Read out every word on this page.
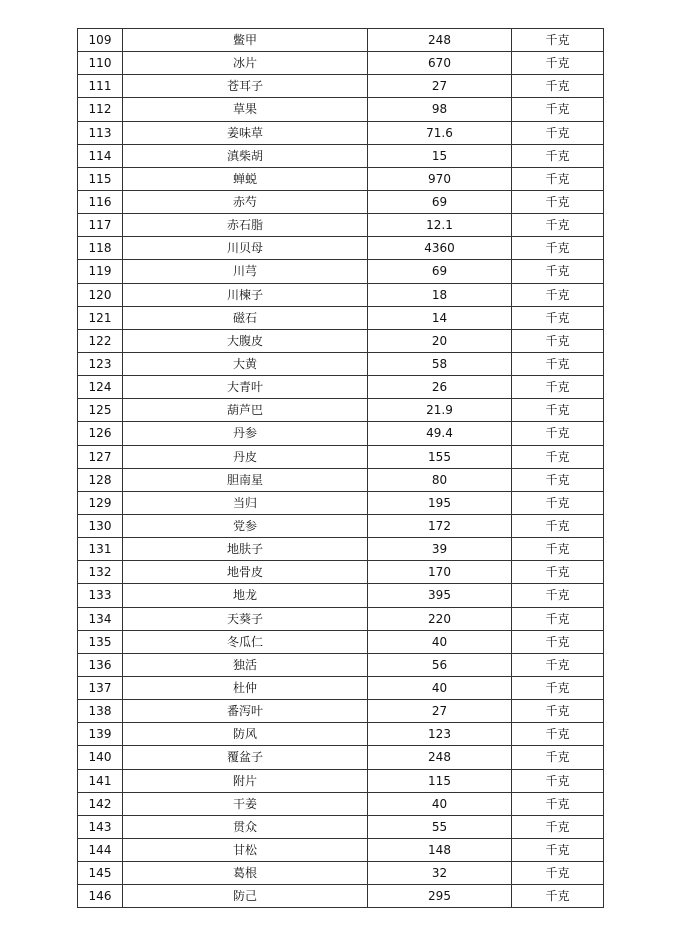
109	鳖甲	248	千克
110	冰片	670	千克
111	苍耳子	27	千克
112	草果	98	千克
113	姜味草	71.6	千克
114	滇柴胡	15	千克
115	蝉蜕	970	千克
116	赤芍	69	千克
117	赤石脂	12.1	千克
118	川贝母	4360	千克
119	川芎	69	千克
120	川楝子	18	千克
121	磁石	14	千克
122	大腹皮	20	千克
123	大黄	58	千克
124	大青叶	26	千克
125	葫芦巴	21.9	千克
126	丹参	49.4	千克
127	丹皮	155	千克
128	胆南星	80	千克
129	当归	195	千克
130	党参	172	千克
131	地肤子	39	千克
132	地骨皮	170	千克
133	地龙	395	千克
134	天葵子	220	千克
135	冬瓜仁	40	千克
136	独活	56	千克
137	杜仲	40	千克
138	番泻叶	27	千克
139	防风	123	千克
140	覆盆子	248	千克
141	附片	115	千克
142	干姜	40	千克
143	贯众	55	千克
144	甘松	148	千克
145	葛根	32	千克
146	防己	295	千克
